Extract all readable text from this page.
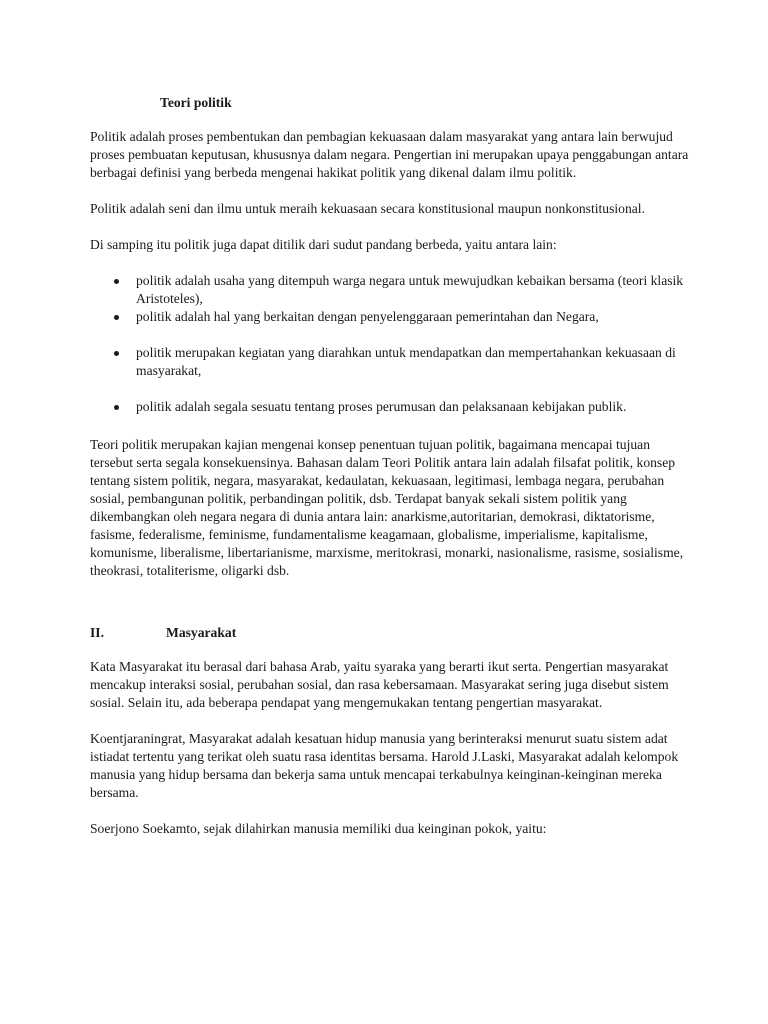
Teori politik

Politik adalah proses pembentukan dan pembagian kekuasaan dalam masyarakat yang antara lain berwujud proses pembuatan keputusan, khususnya dalam negara. Pengertian ini merupakan upaya penggabungan antara berbagai definisi yang berbeda mengenai hakikat politik yang dikenal dalam ilmu politik.

Politik adalah seni dan ilmu untuk meraih kekuasaan secara konstitusional maupun nonkonstitusional.

Di samping itu politik juga dapat ditilik dari sudut pandang berbeda, yaitu antara lain:

politik adalah usaha yang ditempuh warga negara untuk mewujudkan kebaikan bersama (teori klasik Aristoteles),
politik adalah hal yang berkaitan dengan penyelenggaraan pemerintahan dan Negara,
politik merupakan kegiatan yang diarahkan untuk mendapatkan dan mempertahankan kekuasaan di masyarakat,
politik adalah segala sesuatu tentang proses perumusan dan pelaksanaan kebijakan publik.

Teori politik merupakan kajian mengenai konsep penentuan tujuan politik, bagaimana mencapai tujuan tersebut serta segala konsekuensinya. Bahasan dalam Teori Politik antara lain adalah filsafat politik, konsep tentang sistem politik, negara, masyarakat, kedaulatan, kekuasaan, legitimasi, lembaga negara, perubahan sosial, pembangunan politik, perbandingan politik, dsb. Terdapat banyak sekali sistem politik yang dikembangkan oleh negara negara di dunia antara lain: anarkisme,autoritarian, demokrasi, diktatorisme, fasisme, federalisme, feminisme, fundamentalisme keagamaan, globalisme, imperialisme, kapitalisme, komunisme, liberalisme, libertarianisme, marxisme, meritokrasi, monarki, nasionalisme, rasisme, sosialisme, theokrasi, totaliterisme, oligarki dsb.

II.	Masyarakat

Kata Masyarakat itu berasal dari bahasa Arab, yaitu syaraka yang berarti ikut serta. Pengertian masyarakat mencakup interaksi sosial, perubahan sosial, dan rasa kebersamaan. Masyarakat sering juga disebut sistem sosial. Selain itu, ada beberapa pendapat yang mengemukakan tentang pengertian masyarakat.

Koentjaraningrat, Masyarakat adalah kesatuan hidup manusia yang berinteraksi menurut suatu sistem adat istiadat tertentu yang terikat oleh suatu rasa identitas bersama. Harold J.Laski, Masyarakat adalah kelompok manusia yang hidup bersama dan bekerja sama untuk mencapai terkabulnya keinginan-keinginan mereka bersama.

Soerjono Soekamto, sejak dilahirkan manusia memiliki dua keinginan pokok, yaitu:
